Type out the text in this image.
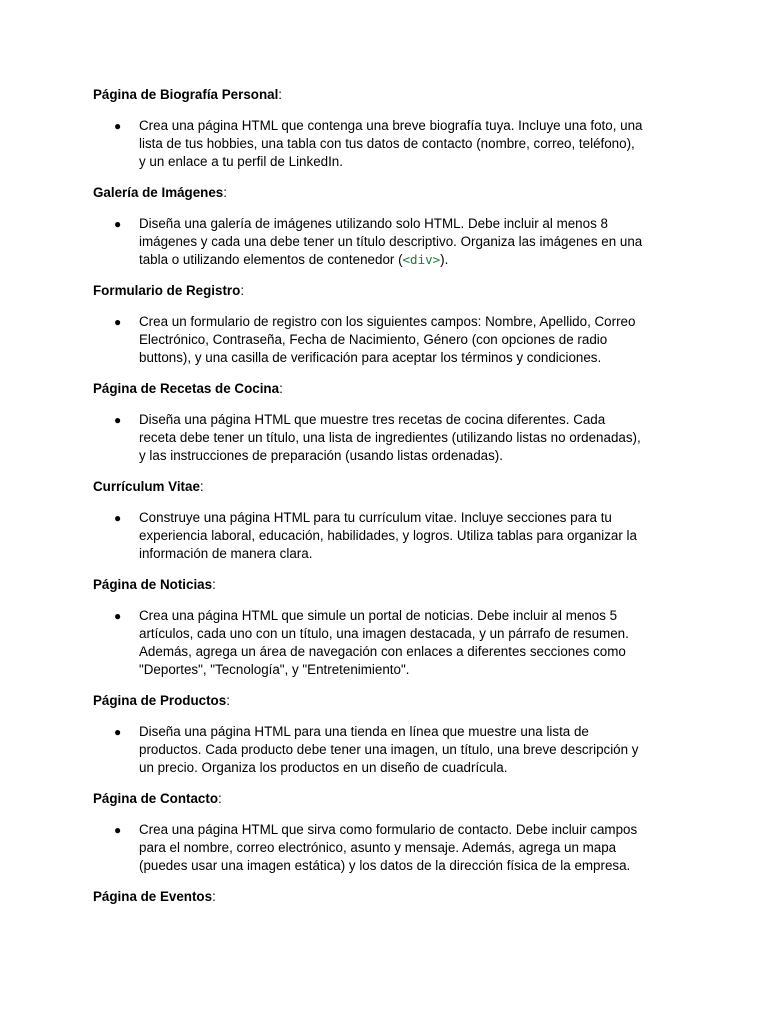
Página de Biografía Personal:

● Crea una página HTML que contenga una breve biografía tuya. Incluye una foto, una
lista de tus hobbies, una tabla con tus datos de contacto (nombre, correo, teléfono),
y un enlace a tu perfil de LinkedIn.

Galería de Imágenes:

● Diseña una galería de imágenes utilizando solo HTML. Debe incluir al menos 8
imágenes y cada una debe tener un título descriptivo. Organiza las imágenes en una
tabla o utilizando elementos de contenedor (<div>).

Formulario de Registro:

● Crea un formulario de registro con los siguientes campos: Nombre, Apellido, Correo
Electrónico, Contraseña, Fecha de Nacimiento, Género (con opciones de radio
buttons), y una casilla de verificación para aceptar los términos y condiciones.

Página de Recetas de Cocina:

● Diseña una página HTML que muestre tres recetas de cocina diferentes. Cada
receta debe tener un título, una lista de ingredientes (utilizando listas no ordenadas),
y las instrucciones de preparación (usando listas ordenadas).

Currículum Vitae:

● Construye una página HTML para tu currículum vitae. Incluye secciones para tu
experiencia laboral, educación, habilidades, y logros. Utiliza tablas para organizar la
información de manera clara.

Página de Noticias:

● Crea una página HTML que simule un portal de noticias. Debe incluir al menos 5
artículos, cada uno con un título, una imagen destacada, y un párrafo de resumen.
Además, agrega un área de navegación con enlaces a diferentes secciones como
"Deportes", "Tecnología", y "Entretenimiento".

Página de Productos:

● Diseña una página HTML para una tienda en línea que muestre una lista de
productos. Cada producto debe tener una imagen, un título, una breve descripción y
un precio. Organiza los productos en un diseño de cuadrícula.

Página de Contacto:

● Crea una página HTML que sirva como formulario de contacto. Debe incluir campos
para el nombre, correo electrónico, asunto y mensaje. Además, agrega un mapa
(puedes usar una imagen estática) y los datos de la dirección física de la empresa.

Página de Eventos:
